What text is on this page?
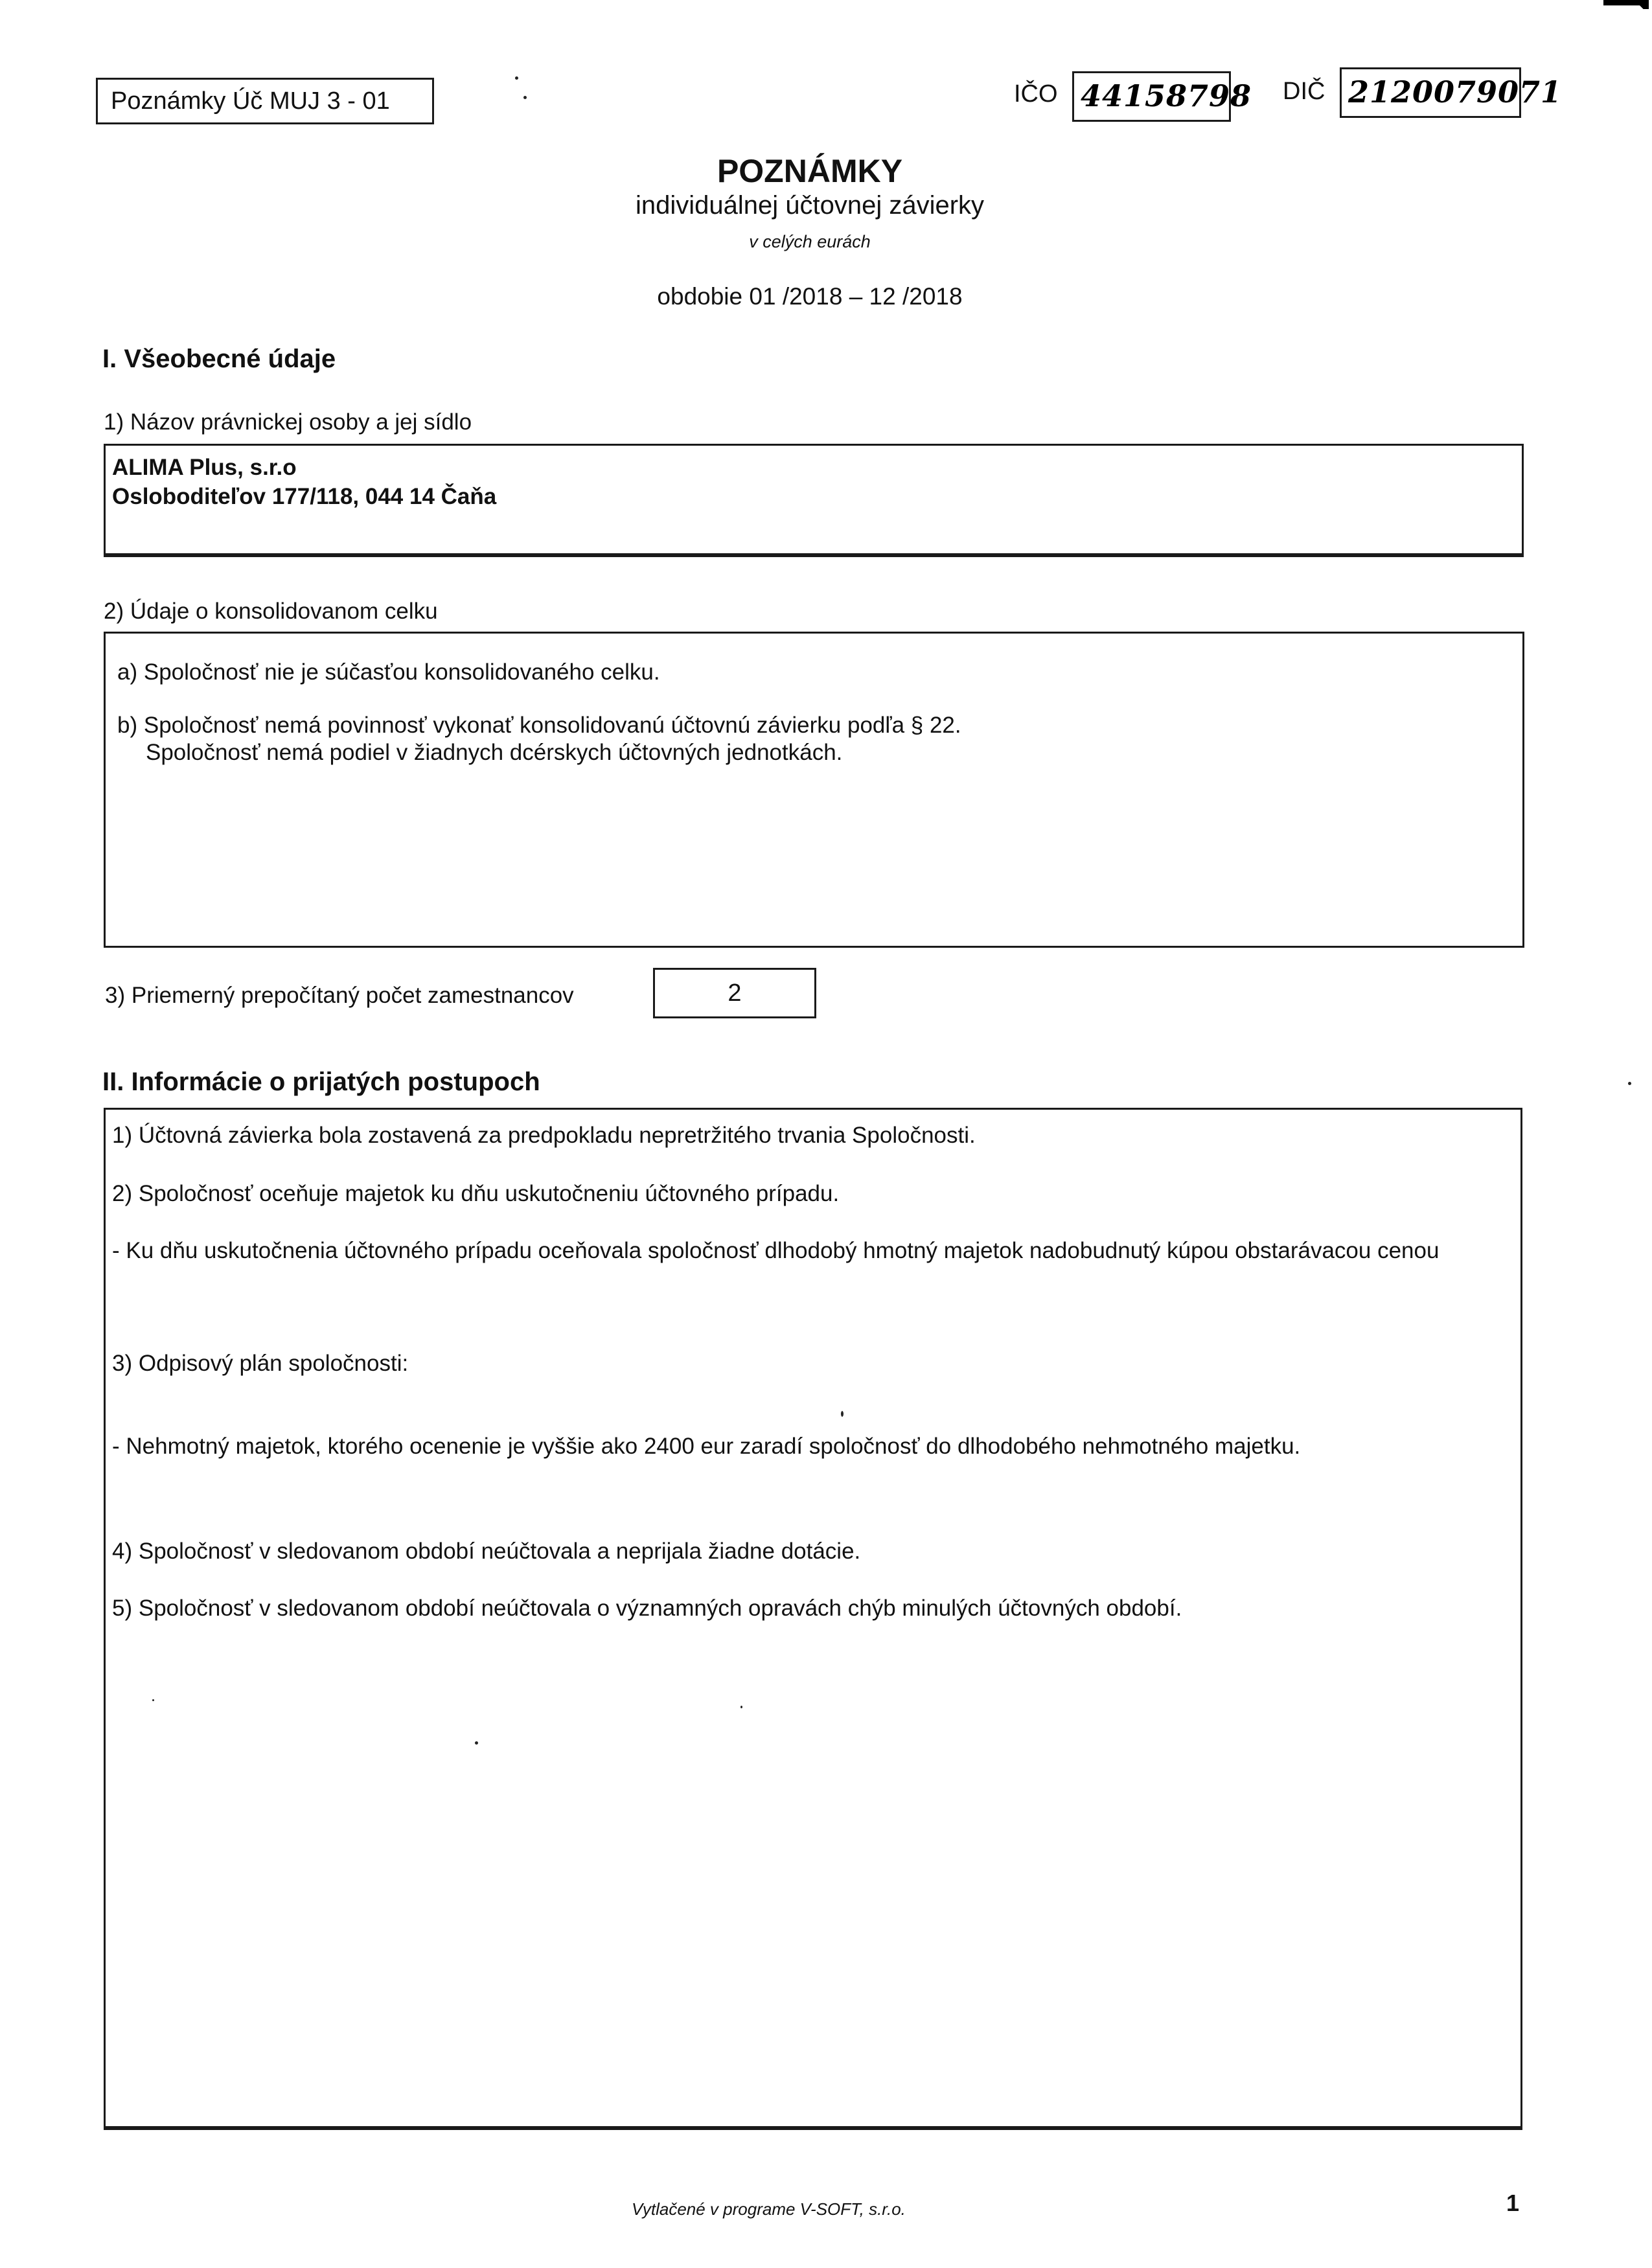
Poznámky Úč MUJ 3 - 01	IČO 44158798 DIČ 2120079071
POZNÁMKY
individuálnej účtovnej závierky
v celých eurách
obdobie 01 /2018 – 12 /2018
I. Všeobecné údaje
1) Názov právnickej osoby a jej sídlo
ALIMA Plus, s.r.o
Osloboditeľov 177/118, 044 14 Čaňa
2) Údaje o konsolidovanom celku
a) Spoločnosť nie je súčasťou konsolidovaného celku.
b) Spoločnosť nemá povinnosť vykonať konsolidovanú účtovnú závierku podľa § 22.
Spoločnosť nemá podiel v žiadnych dcérskych účtovných jednotkách.
3) Priemerný prepočítaný počet zamestnancov	2
II. Informácie o prijatých postupoch
1) Účtovná závierka bola zostavená za predpokladu nepretržitého trvania Spoločnosti.
2) Spoločnosť oceňuje majetok ku dňu uskutočneniu účtovného prípadu.
- Ku dňu uskutočnenia účtovného prípadu oceňovala spoločnosť dlhodobý hmotný majetok nadobudnutý kúpou obstarávacou cenou
3) Odpisový plán spoločnosti:
- Nehmotný majetok, ktorého ocenenie je vyššie ako 2400 eur zaradí spoločnosť do dlhodobého nehmotného majetku.
4) Spoločnosť v sledovanom období neúčtovala a neprijala žiadne dotácie.
5) Spoločnosť v sledovanom období neúčtovala o významných opravách chýb minulých účtovných období.
Vytlačené v programe V-SOFT, s.r.o.	1
